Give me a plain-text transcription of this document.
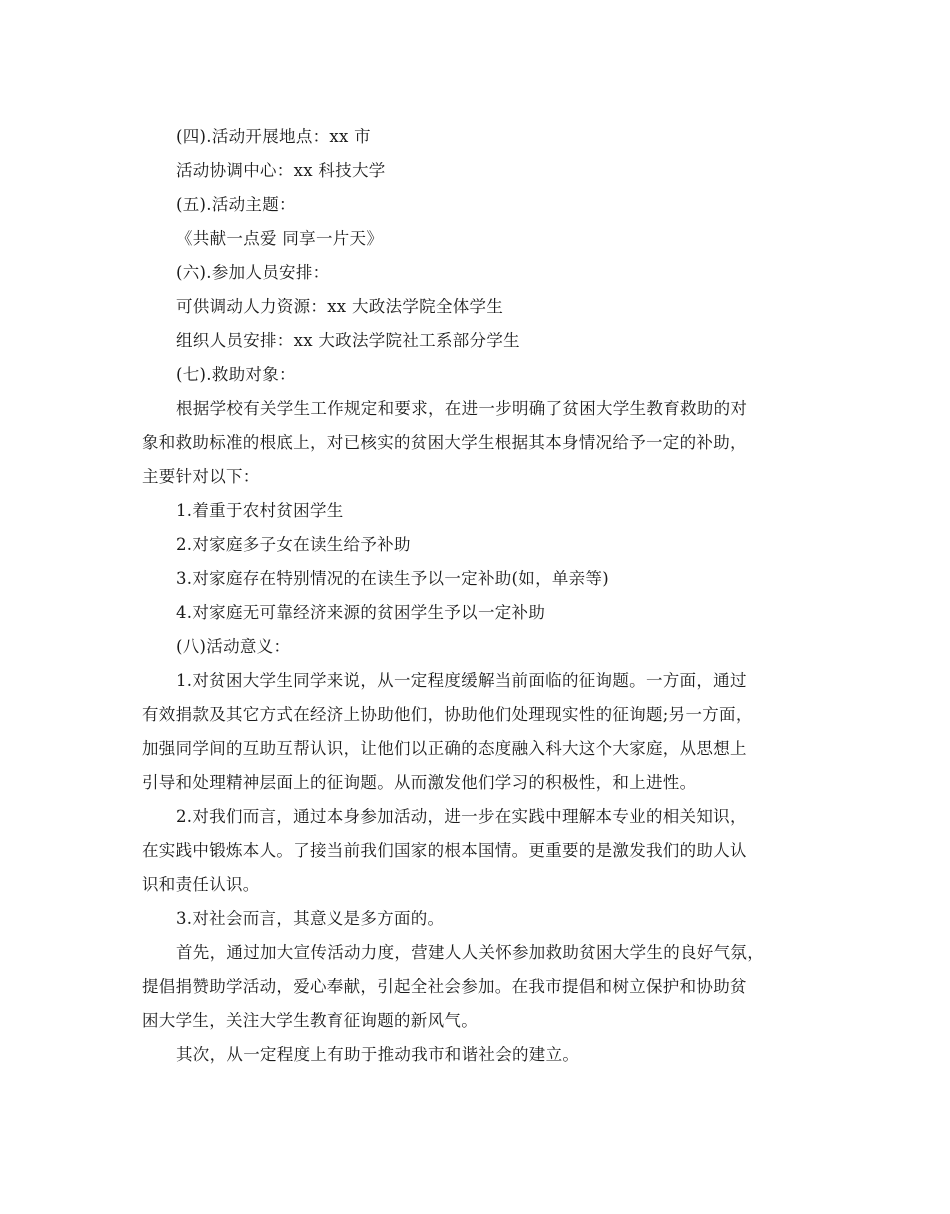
(四).活动开展地点：xx 市
活动协调中心：xx 科技大学
(五).活动主题：
《共献一点爱 同享一片天》
(六).参加人员安排：
可供调动人力资源：xx 大政法学院全体学生
组织人员安排：xx 大政法学院社工系部分学生
(七).救助对象：
根据学校有关学生工作规定和要求，在进一步明确了贫困大学生教育救助的对
象和救助标准的根底上，对已核实的贫困大学生根据其本身情况给予一定的补助，
主要针对以下：
1.着重于农村贫困学生
2.对家庭多子女在读生给予补助
3.对家庭存在特别情况的在读生予以一定补助(如，单亲等)
4.对家庭无可靠经济来源的贫困学生予以一定补助
(八)活动意义：
1.对贫困大学生同学来说，从一定程度缓解当前面临的征询题。一方面，通过
有效捐款及其它方式在经济上协助他们，协助他们处理现实性的征询题;另一方面，
加强同学间的互助互帮认识，让他们以正确的态度融入科大这个大家庭，从思想上
引导和处理精神层面上的征询题。从而激发他们学习的积极性，和上进性。
2.对我们而言，通过本身参加活动，进一步在实践中理解本专业的相关知识，
在实践中锻炼本人。了接当前我们国家的根本国情。更重要的是激发我们的助人认
识和责任认识。
3.对社会而言，其意义是多方面的。
首先，通过加大宣传活动力度，营建人人关怀参加救助贫困大学生的良好气氛，
提倡捐赞助学活动，爱心奉献，引起全社会参加。在我市提倡和树立保护和协助贫
困大学生，关注大学生教育征询题的新风气。
其次，从一定程度上有助于推动我市和谐社会的建立。
